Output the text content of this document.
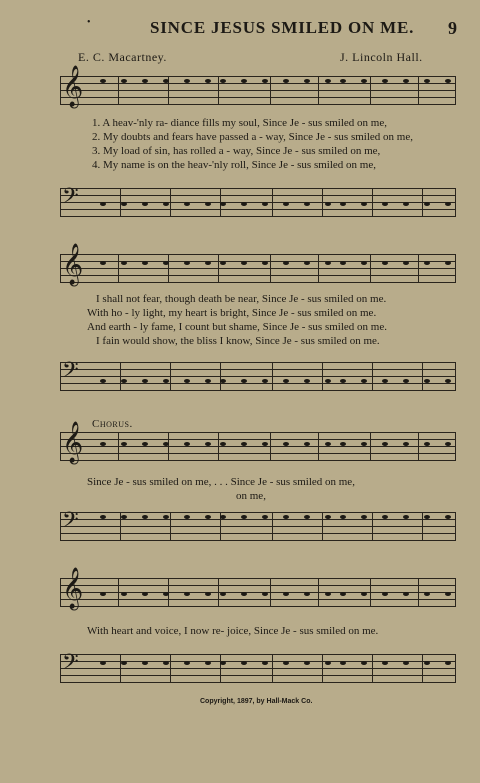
•	SINCE JESUS SMILED ON ME. 9
E. C. Macartney.	J. Lincoln Hall.
𝄞
𝄢
𝄞
𝄢
𝄞
𝄢
𝄞
𝄢
1. A heav-'nly ra- diance fills my soul, Since Je - sus smiled on me,
2. My doubts and fears have passed a - way, Since Je - sus smiled on me,
3. My load of sin, has rolled a - way, Since Je - sus smiled on me,
4. My name is on the heav-'nly roll, Since Je - sus smiled on me,
I shall not fear, though death be near, Since Je - sus smiled on me.
With ho - ly light, my heart is bright, Since Je - sus smiled on me.
And earth - ly fame, I count but shame, Since Je - sus smiled on me.
I fain would show, the bliss I know, Since Je - sus smiled on me.
Chorus.
Since Je - sus smiled on me, . . . Since Je - sus smiled on me,
on me,
With heart and voice, I now re- joice, Since Je - sus smiled on me.
Copyright, 1897, by Hall-Mack Co.
